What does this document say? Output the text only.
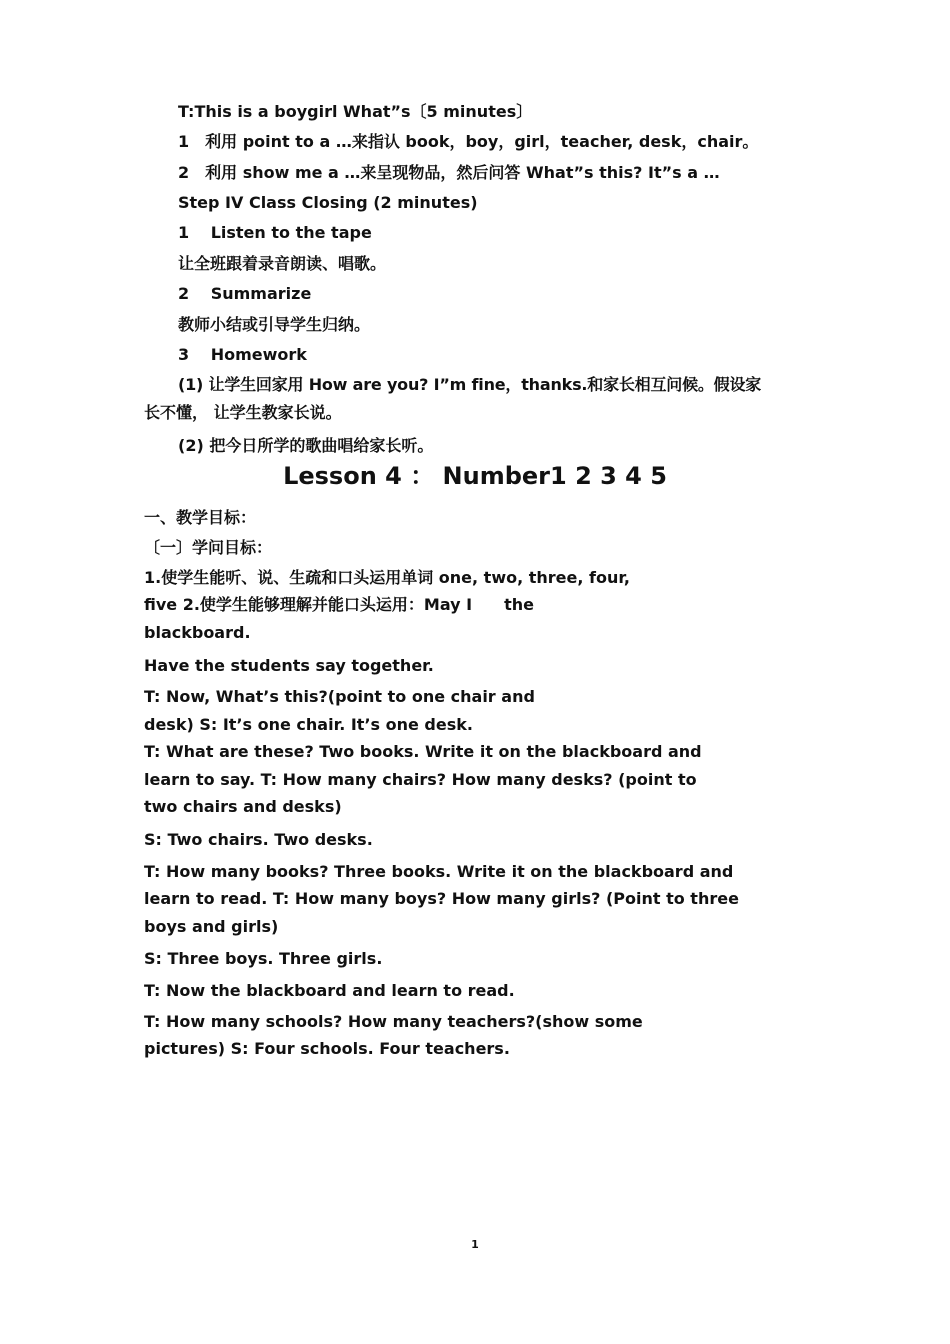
T:This is a boygirl What”s〔5 minutes〕

1　利用 point to a …来指认 book，boy，girl，teacher, desk，chair。

2　利用 show me a …来呈现物品，然后问答 What”s this? It”s a …

Step IV Class Closing (2 minutes)

1　 Listen to the tape

让全班跟着录音朗读、唱歌。

2　 Summarize

教师小结或引导学生归纳。

3　 Homework

(1) 让学生回家用 How are you? I”m fine，thanks.和家长相互问候。假设家

长不懂， 让学生教家长说。

(2) 把今日所学的歌曲唱给家长听。

Lesson 4 ： Number1 2 3 4 5

一、教学目标：

〔一〕学问目标：

1.使学生能听、说、生疏和口头运用单词 one, two, three, four,

five 2.使学生能够理解并能口头运用：May I　　the

blackboard.

Have the students say together.

T: Now, What’s this?(point to one chair and

desk) S: It’s one chair. It’s one desk.

T: What are these? Two books. Write it on the blackboard and

learn to say. T: How many chairs? How many desks? (point to

two chairs and desks)

S: Two chairs. Two desks.

T: How many books? Three books. Write it on the blackboard and

learn to read. T: How many boys? How many girls? (Point to three

boys and girls)

S: Three boys. Three girls.

T: Now the blackboard and learn to read.

T: How many schools? How many teachers?(show some

pictures) S: Four schools. Four teachers.

1
